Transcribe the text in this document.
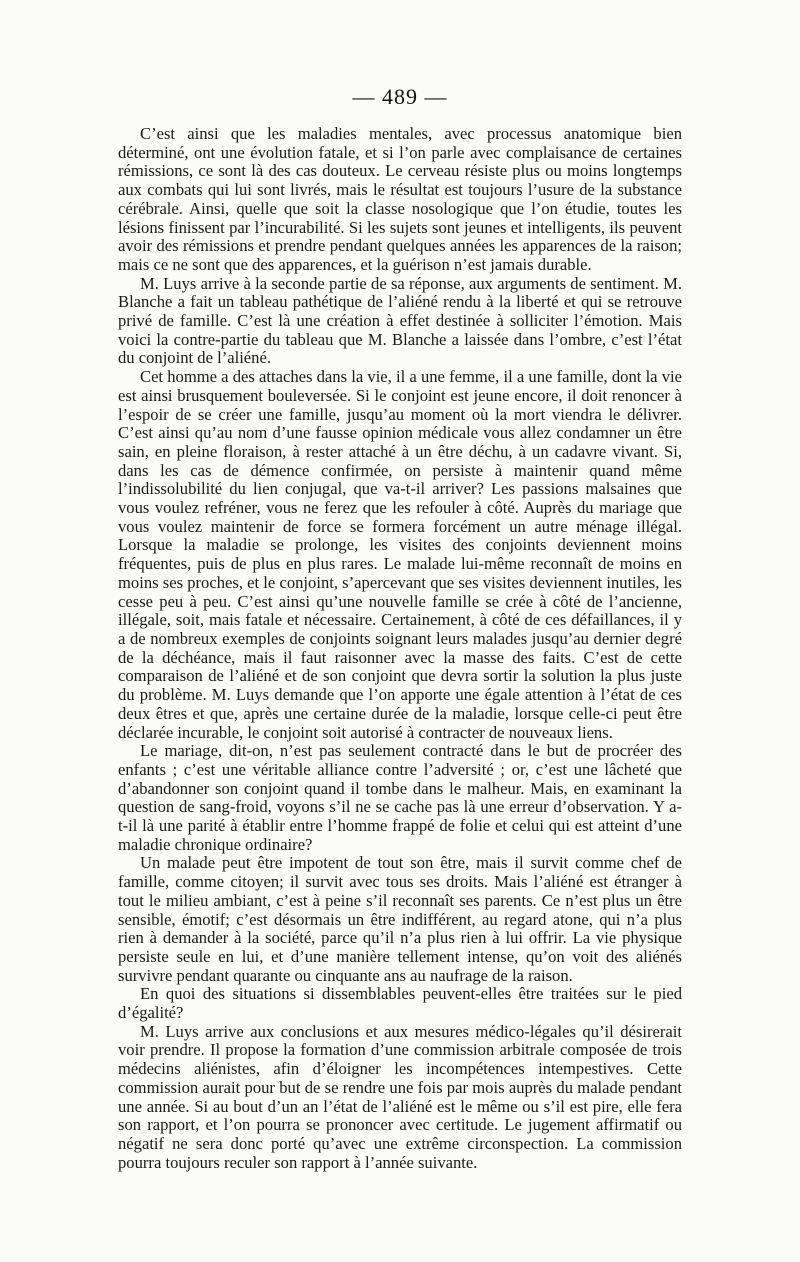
— 489 —

C’est ainsi que les maladies mentales, avec processus anatomique bien déterminé, ont une évolution fatale, et si l’on parle avec complaisance de certaines rémissions, ce sont là des cas douteux. Le cerveau résiste plus ou moins longtemps aux combats qui lui sont livrés, mais le résultat est toujours l’usure de la substance cérébrale. Ainsi, quelle que soit la classe nosologique que l’on étudie, toutes les lésions finissent par l’incurabilité. Si les sujets sont jeunes et intelligents, ils peuvent avoir des rémissions et prendre pendant quelques années les apparences de la raison; mais ce ne sont que des apparences, et la guérison n’est jamais durable.

M. Luys arrive à la seconde partie de sa réponse, aux arguments de sentiment. M. Blanche a fait un tableau pathétique de l’aliéné rendu à la liberté et qui se retrouve privé de famille. C’est là une création à effet destinée à solliciter l’émotion. Mais voici la contre-partie du tableau que M. Blanche a laissée dans l’ombre, c’est l’état du conjoint de l’aliéné.

Cet homme a des attaches dans la vie, il a une femme, il a une famille, dont la vie est ainsi brusquement bouleversée. Si le conjoint est jeune encore, il doit renoncer à l’espoir de se créer une famille, jusqu’au moment où la mort viendra le délivrer. C’est ainsi qu’au nom d’une fausse opinion médicale vous allez condamner un être sain, en pleine floraison, à rester attaché à un être déchu, à un cadavre vivant. Si, dans les cas de démence confirmée, on persiste à maintenir quand même l’indissolubilité du lien conjugal, que va-t-il arriver? Les passions malsaines que vous voulez refréner, vous ne ferez que les refouler à côté. Auprès du mariage que vous voulez maintenir de force se formera forcément un autre ménage illégal. Lorsque la maladie se prolonge, les visites des conjoints deviennent moins fréquentes, puis de plus en plus rares. Le malade lui-même reconnaît de moins en moins ses proches, et le conjoint, s’apercevant que ses visites deviennent inutiles, les cesse peu à peu. C’est ainsi qu’une nouvelle famille se crée à côté de l’ancienne, illégale, soit, mais fatale et nécessaire. Certainement, à côté de ces défaillances, il y a de nombreux exemples de conjoints soignant leurs malades jusqu’au dernier degré de la déchéance, mais il faut raisonner avec la masse des faits. C’est de cette comparaison de l’aliéné et de son conjoint que devra sortir la solution la plus juste du problème. M. Luys demande que l’on apporte une égale attention à l’état de ces deux êtres et que, après une certaine durée de la maladie, lorsque celle-ci peut être déclarée incurable, le conjoint soit autorisé à contracter de nouveaux liens.

Le mariage, dit-on, n’est pas seulement contracté dans le but de procréer des enfants ; c’est une véritable alliance contre l’adversité ; or, c’est une lâcheté que d’abandonner son conjoint quand il tombe dans le malheur. Mais, en examinant la question de sang-froid, voyons s’il ne se cache pas là une erreur d’observation. Y a-t-il là une parité à établir entre l’homme frappé de folie et celui qui est atteint d’une maladie chronique ordinaire?

Un malade peut être impotent de tout son être, mais il survit comme chef de famille, comme citoyen; il survit avec tous ses droits. Mais l’aliéné est étranger à tout le milieu ambiant, c’est à peine s’il reconnaît ses parents. Ce n’est plus un être sensible, émotif; c’est désormais un être indifférent, au regard atone, qui n’a plus rien à demander à la société, parce qu’il n’a plus rien à lui offrir. La vie physique persiste seule en lui, et d’une manière tellement intense, qu’on voit des aliénés survivre pendant quarante ou cinquante ans au naufrage de la raison.

En quoi des situations si dissemblables peuvent-elles être traitées sur le pied d’égalité?

M. Luys arrive aux conclusions et aux mesures médico-légales qu’il désirerait voir prendre. Il propose la formation d’une commission arbitrale composée de trois médecins aliénistes, afin d’éloigner les incompétences intempestives. Cette commission aurait pour but de se rendre une fois par mois auprès du malade pendant une année. Si au bout d’un an l’état de l’aliéné est le même ou s’il est pire, elle fera son rapport, et l’on pourra se prononcer avec certitude. Le jugement affirmatif ou négatif ne sera donc porté qu’avec une extrême circonspection. La commission pourra toujours reculer son rapport à l’année suivante.
